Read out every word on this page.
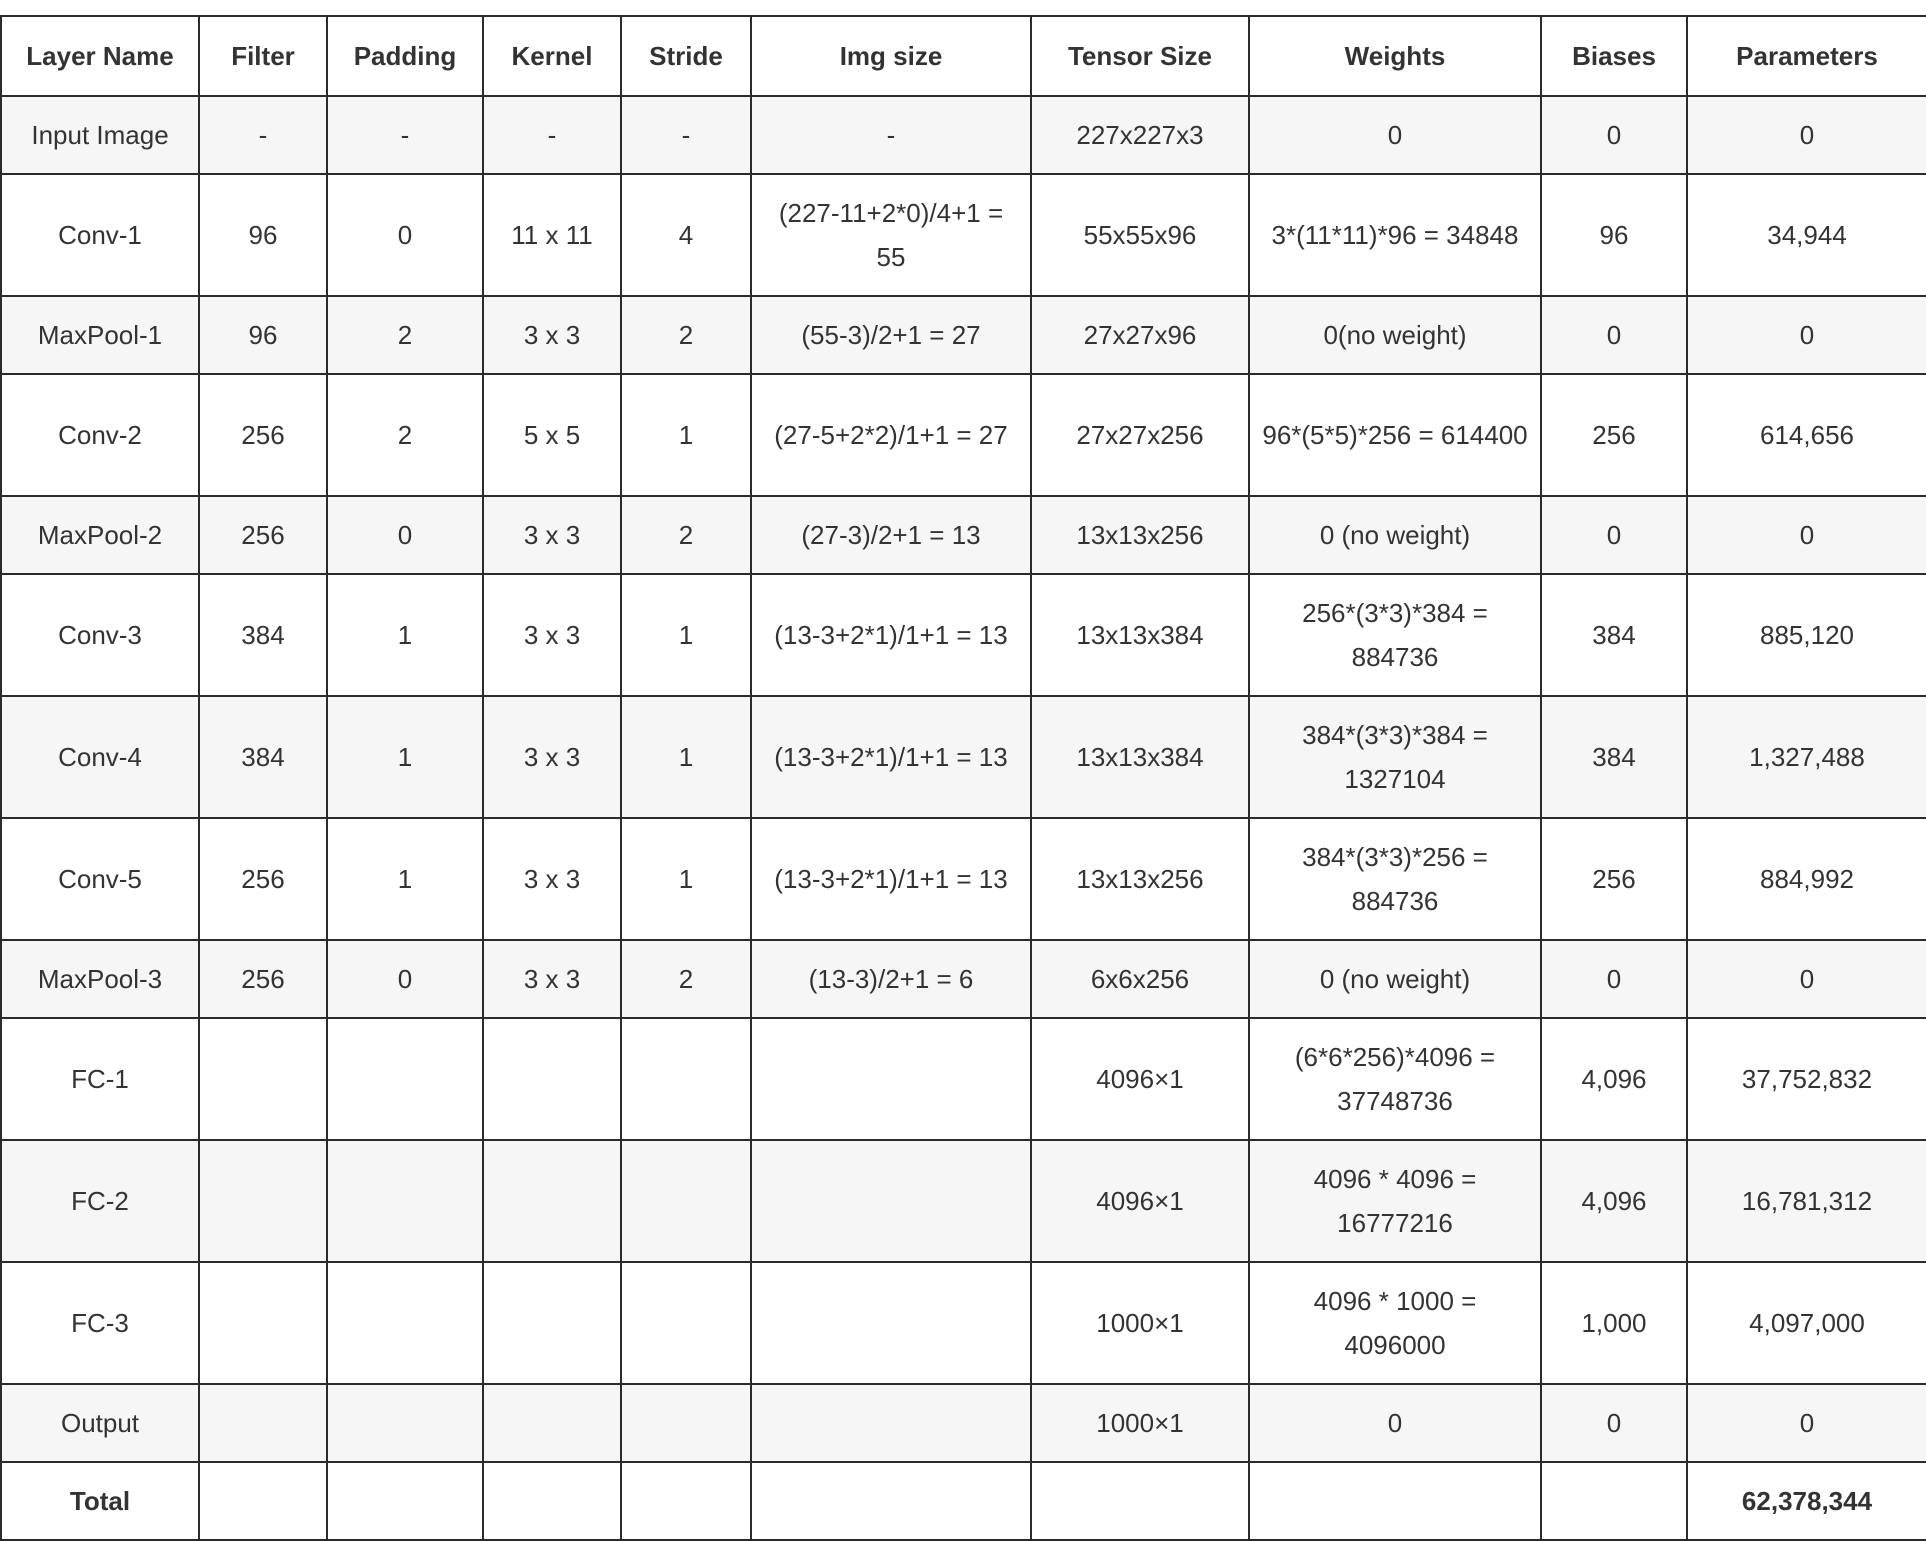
Layer Name	Filter	Padding	Kernel	Stride	Img size	Tensor Size	Weights	Biases	Parameters
Input Image	-	-	-	-	-	227x227x3	0	0	0
Conv-1	96	0	11 x 11	4	(227-11+2*0)/4+1 = 55	55x55x96	3*(11*11)*96 = 34848	96	34,944
MaxPool-1	96	2	3 x 3	2	(55-3)/2+1 = 27	27x27x96	0(no weight)	0	0
Conv-2	256	2	5 x 5	1	(27-5+2*2)/1+1 = 27	27x27x256	96*(5*5)*256 = 614400	256	614,656
MaxPool-2	256	0	3 x 3	2	(27-3)/2+1 = 13	13x13x256	0 (no weight)	0	0
Conv-3	384	1	3 x 3	1	(13-3+2*1)/1+1 = 13	13x13x384	256*(3*3)*384 = 884736	384	885,120
Conv-4	384	1	3 x 3	1	(13-3+2*1)/1+1 = 13	13x13x384	384*(3*3)*384 = 1327104	384	1,327,488
Conv-5	256	1	3 x 3	1	(13-3+2*1)/1+1 = 13	13x13x256	384*(3*3)*256 = 884736	256	884,992
MaxPool-3	256	0	3 x 3	2	(13-3)/2+1 = 6	6x6x256	0 (no weight)	0	0
FC-1						4096×1	(6*6*256)*4096 = 37748736	4,096	37,752,832
FC-2						4096×1	4096 * 4096 = 16777216	4,096	16,781,312
FC-3						1000×1	4096 * 1000 = 4096000	1,000	4,097,000
Output						1000×1	0	0	0
Total									62,378,344
